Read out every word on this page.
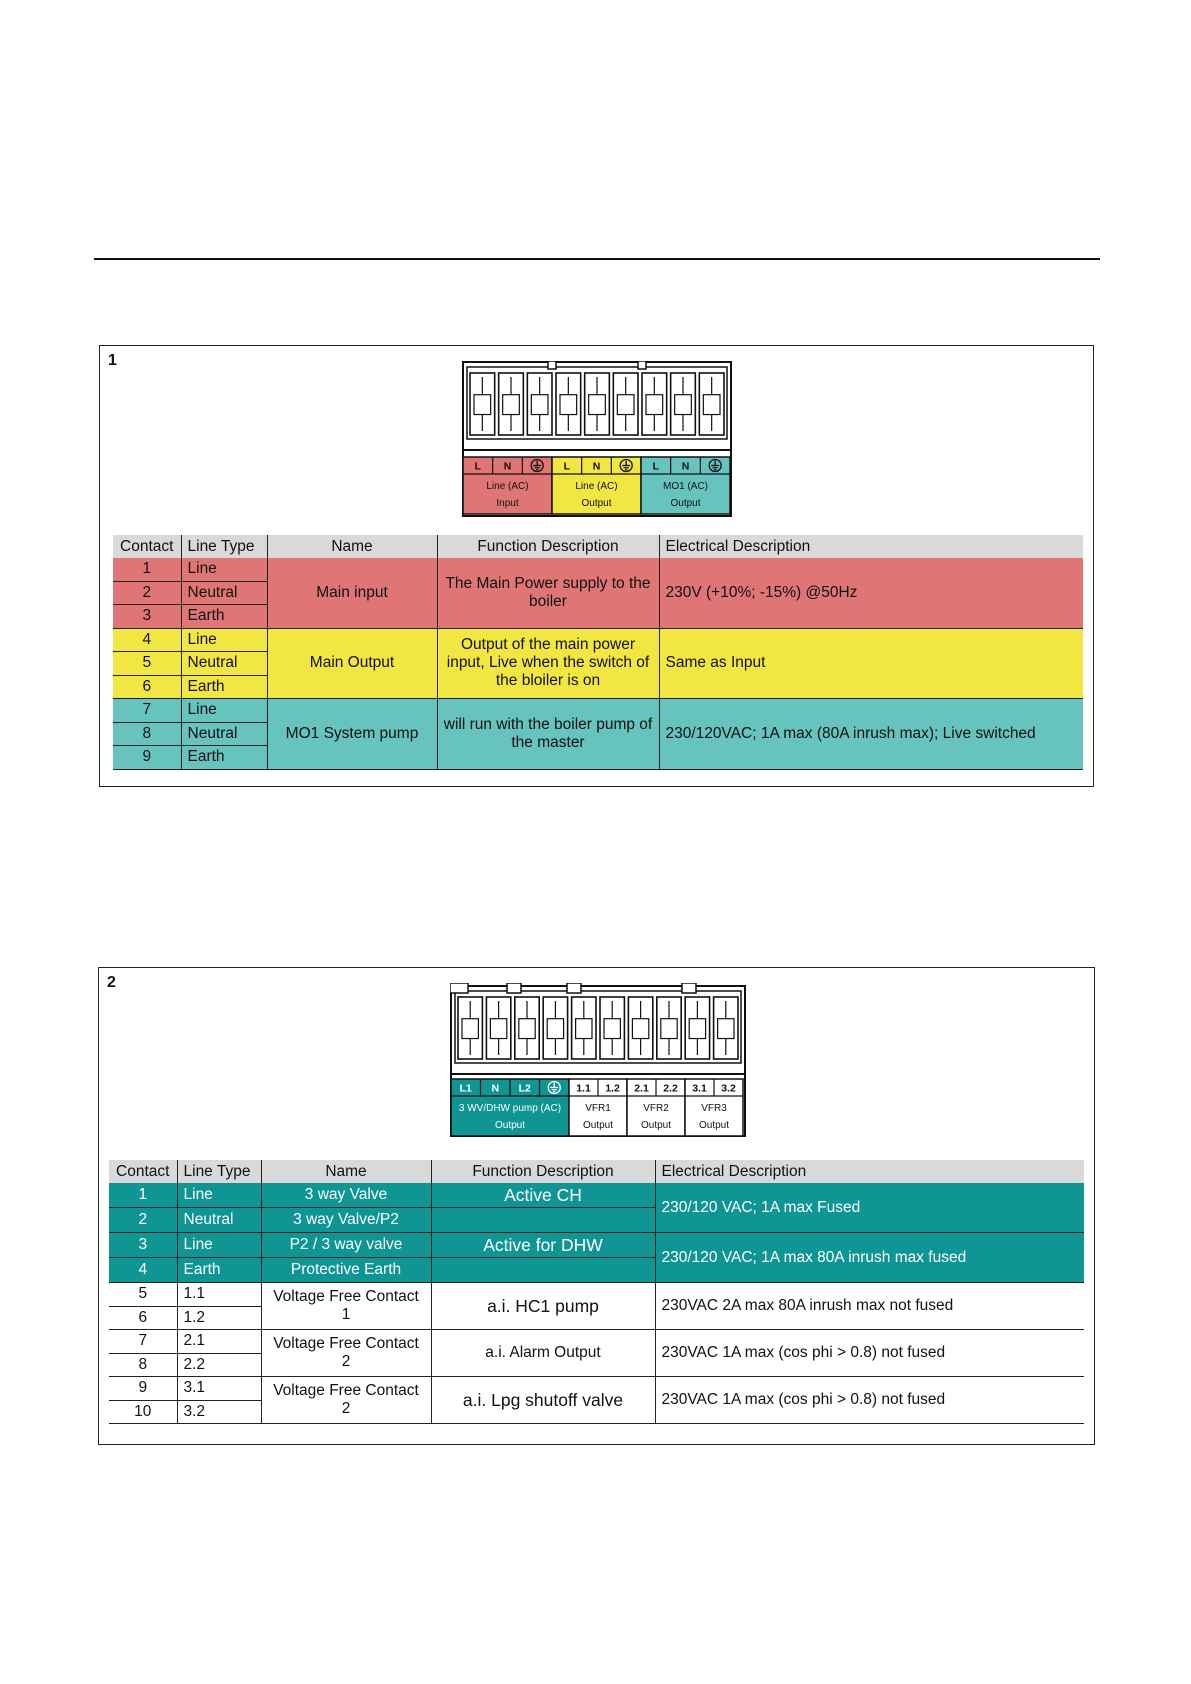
1
L N
Line (AC)
Input
L N
Line (AC)
Output
L N
MO1 (AC)
Output
Contact	Line Type	Name	Function Description	Electrical Description
1	Line	Main input	The Main Power supply to the boiler	230V (+10%; -15%) @50Hz
2	Neutral			
3	Earth			
4	Line	Main Output	Output of the main power input, Live when the switch of the bloiler is on	Same as Input
5	Neutral			
6	Earth			
7	Line	MO1 System pump	will run with the boiler pump of the master	230/120VAC; 1A max (80A inrush max); Live switched
8	Neutral			
9	Earth			
2
L1 N L2
3 WV/DHW pump (AC)
Output
1.1 1.2
VFR1
Output
2.1 2.2
VFR2
Output
3.1 3.2
VFR3
Output
Contact	Line Type	Name	Function Description	Electrical Description
1	Line	3 way Valve	Active CH	230/120 VAC; 1A max Fused
2	Neutral	3 way Valve/P2		
3	Line	P2 / 3 way valve	Active for DHW	230/120 VAC; 1A max 80A inrush max fused
4	Earth	Protective Earth		
5	1.1	Voltage Free Contact 1	a.i. HC1 pump	230VAC 2A max 80A inrush max not fused
6	1.2			
7	2.1	Voltage Free Contact 2	a.i. Alarm Output	230VAC 1A max (cos phi > 0.8) not fused
8	2.2			
9	3.1	Voltage Free Contact 2	a.i. Lpg shutoff valve	230VAC 1A max (cos phi > 0.8) not fused
10	3.2			
